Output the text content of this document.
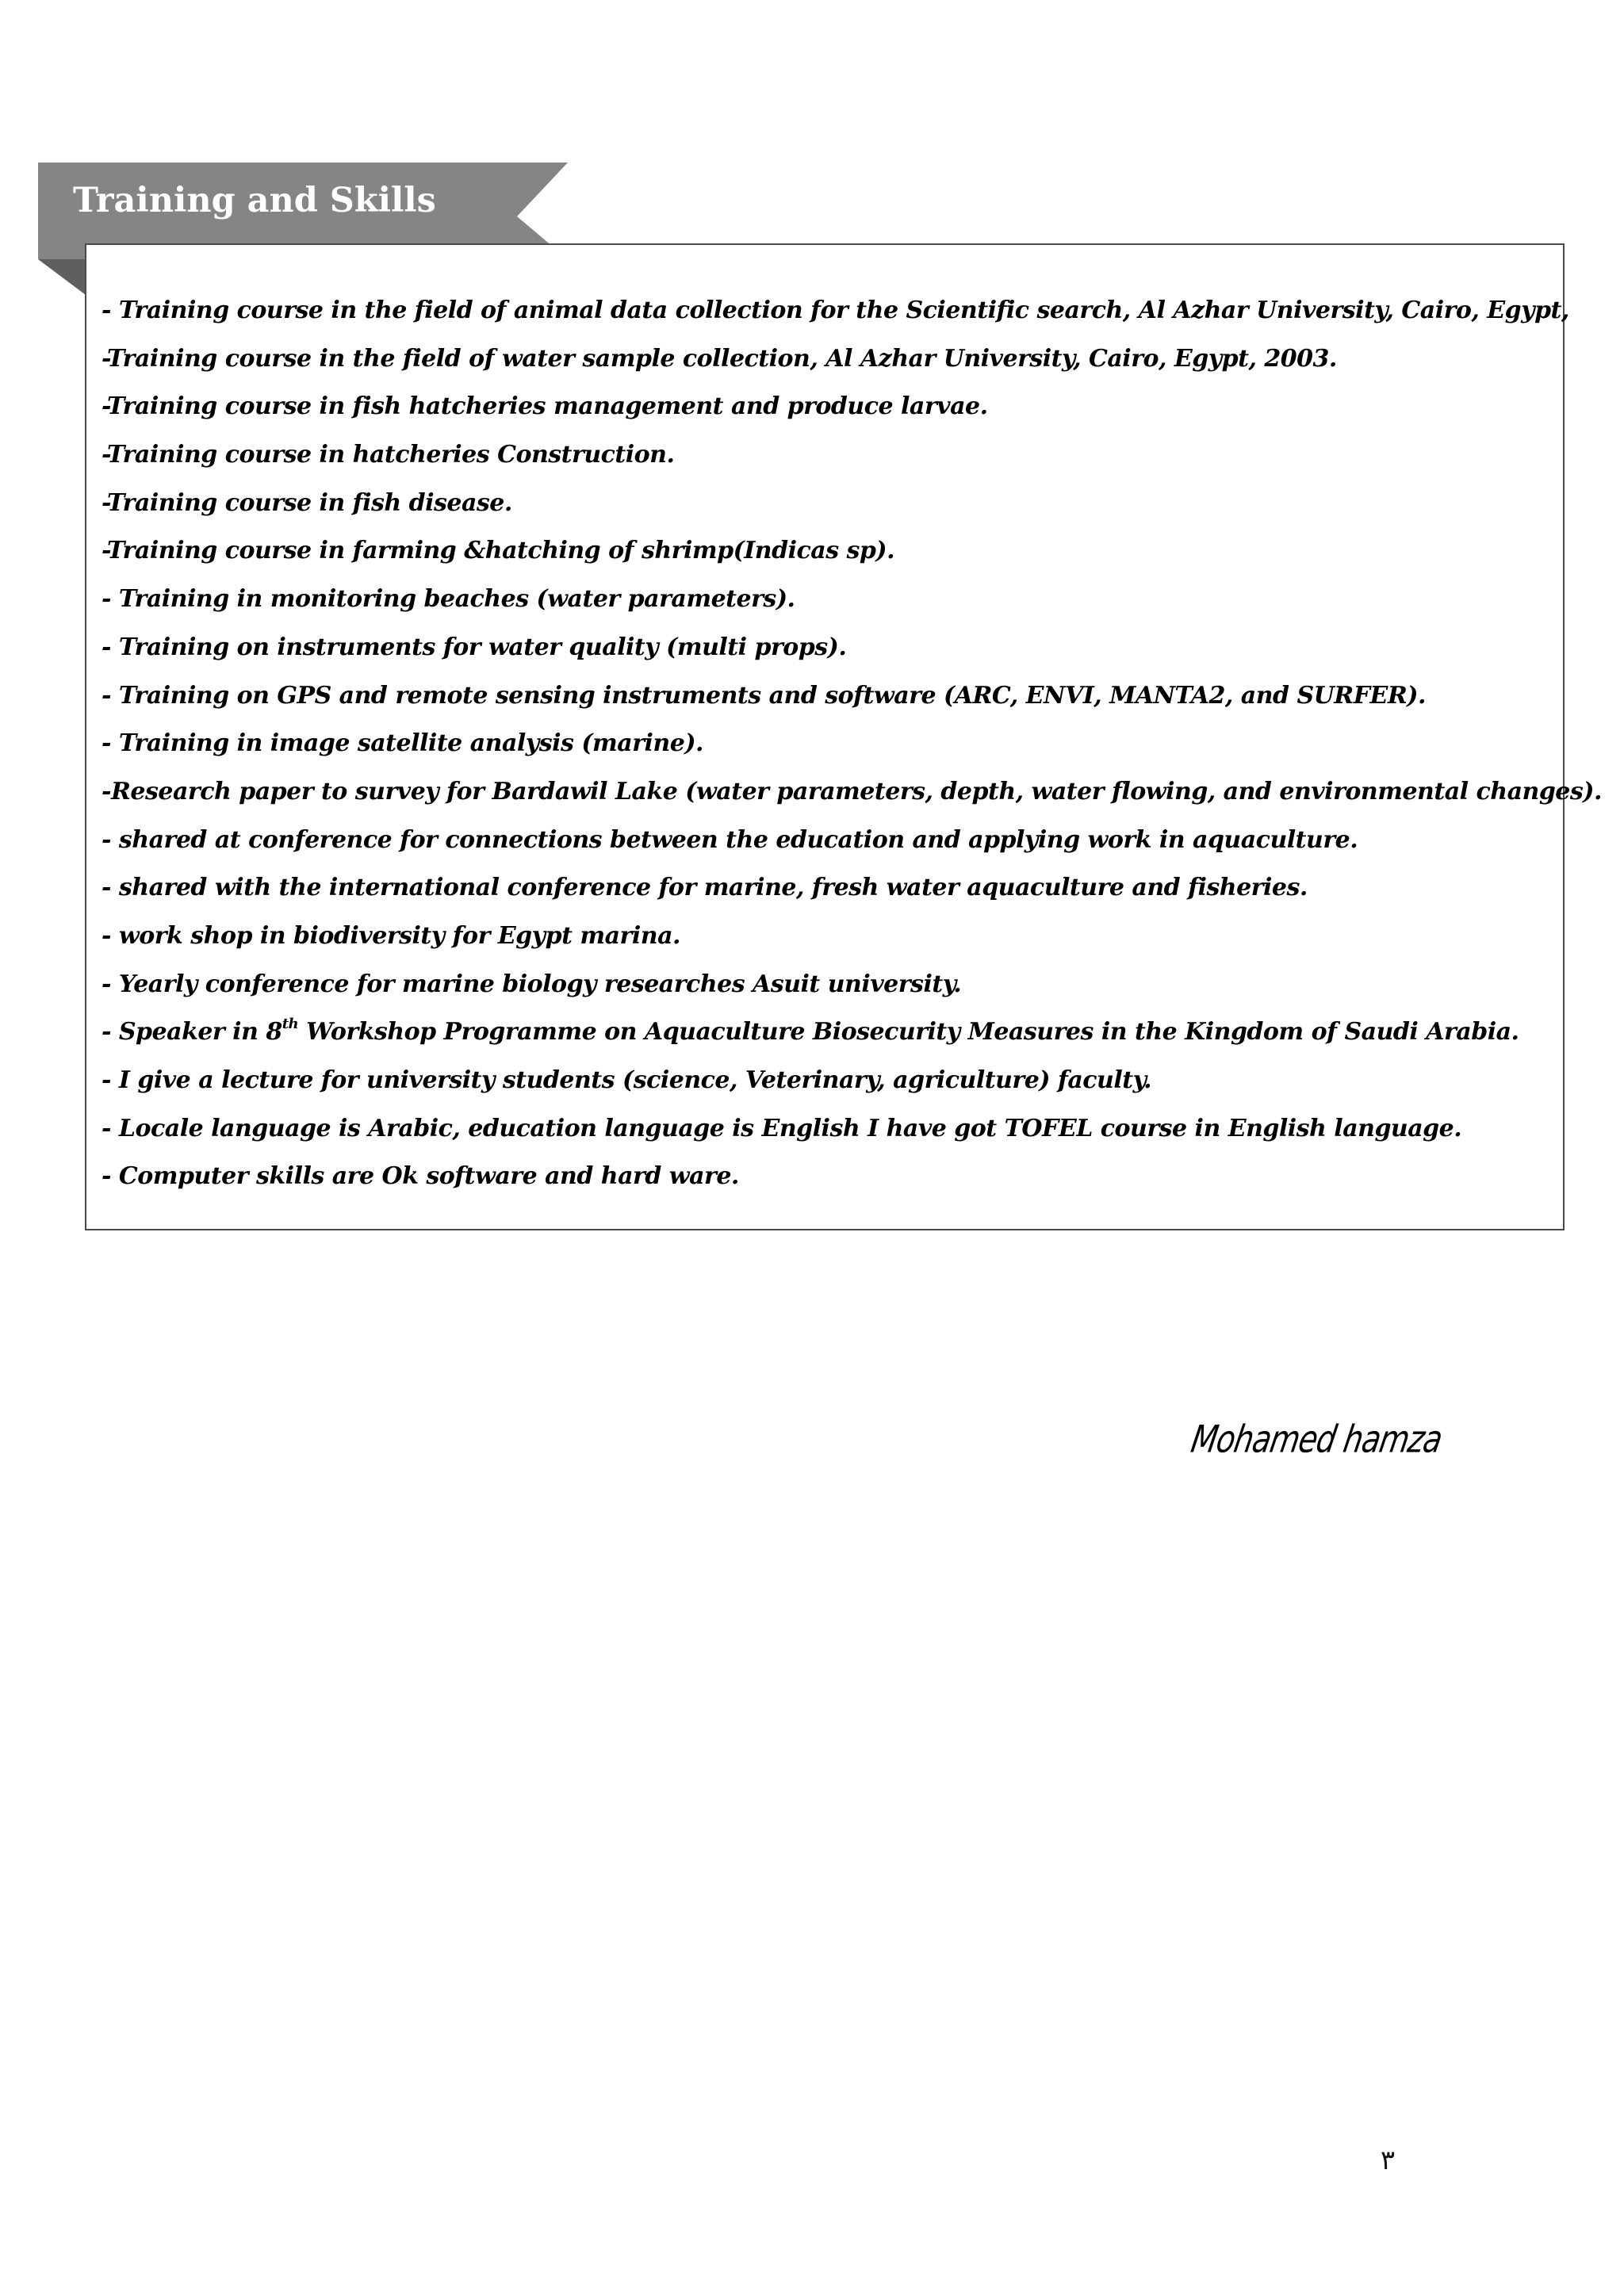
Training and Skills
- Training course in the field of animal data collection for the Scientific search, Al Azhar University, Cairo, Egypt,
-Training course in the field of water sample collection, Al Azhar University, Cairo, Egypt, 2003.
-Training course in fish hatcheries management and produce larvae.
-Training course in hatcheries Construction.
-Training course in fish disease.
-Training course in farming &hatching of shrimp(Indicas sp).
- Training in monitoring beaches (water parameters).
- Training on instruments for water quality (multi props).
- Training on GPS and remote sensing instruments and software (ARC, ENVI, MANTA2, and SURFER).
- Training in image satellite analysis (marine).
-Research paper to survey for Bardawil Lake (water parameters, depth, water flowing, and environmental changes).
- shared at conference for connections between the education and applying work in aquaculture.
- shared with the international conference for marine, fresh water aquaculture and fisheries.
- work shop in biodiversity for Egypt marina.
- Yearly conference for marine biology researches Asuit university.
- Speaker in 8th Workshop Programme on Aquaculture Biosecurity Measures in the Kingdom of Saudi Arabia.
- I give a lecture for university students (science, Veterinary, agriculture) faculty.
- Locale language is Arabic, education language is English I have got TOFEL course in English language.
- Computer skills are Ok software and hard ware.
Mohamed hamza
٣
